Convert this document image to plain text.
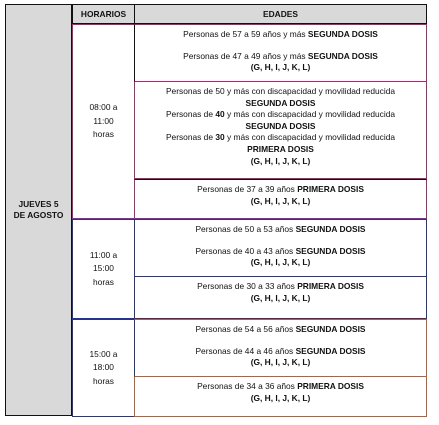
JUEVES 5
DE AGOSTO
HORARIOS	EDADES
08:00 a
11:00
horas
11:00 a
15:00
horas
15:00 a
18:00
horas
Personas de 57 a 59 años y más SEGUNDA DOSIS
Personas de 47 a 49 años y más SEGUNDA DOSIS
(G, H, I, J, K, L)
Personas de 50 y más con discapacidad y movilidad reducida
SEGUNDA DOSIS
Personas de 40 y más con discapacidad y movilidad reducida
SEGUNDA DOSIS
Personas de 30 y más con discapacidad y movilidad reducida
PRIMERA DOSIS
(G, H, I, J, K, L)
Personas de 37 a 39 años PRIMERA DOSIS
(G, H, I, J, K, L)
Personas de 50 a 53 años SEGUNDA DOSIS
Personas de 40 a 43 años SEGUNDA DOSIS
(G, H, I, J, K, L)
Personas de 30 a 33 años PRIMERA DOSIS
(G, H, I, J, K, L)
Personas de 54 a 56 años SEGUNDA DOSIS
Personas de 44 a 46 años SEGUNDA DOSIS
(G, H, I, J, K, L)
Personas de 34 a 36 años PRIMERA DOSIS
(G, H, I, J, K, L)
